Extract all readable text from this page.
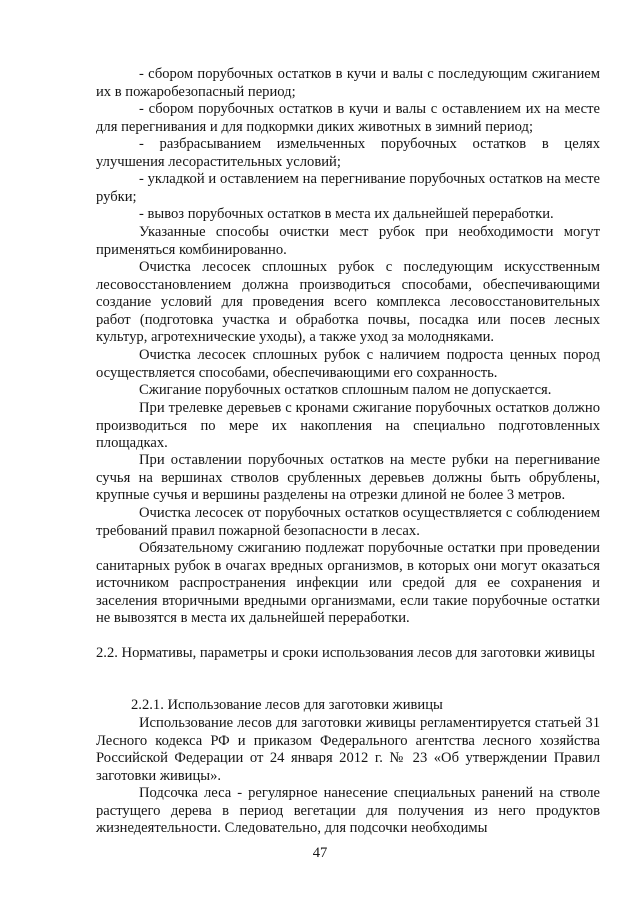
- сбором порубочных остатков в кучи и валы с последующим сжиганием их в пожаробезопасный период;

- сбором порубочных остатков в кучи и валы с оставлением их на месте для перегнивания и для подкормки диких животных в зимний период;

- разбрасыванием измельченных порубочных остатков в целях улучшения лесорастительных условий;

- укладкой и оставлением на перегнивание порубочных остатков на месте рубки;

- вывоз порубочных остатков в места их дальнейшей переработки.

Указанные способы очистки мест рубок при необходимости могут применяться комбинированно.

Очистка лесосек сплошных рубок с последующим искусственным лесовосстановлением должна производиться способами, обеспечивающими создание условий для проведения всего комплекса лесовосстановительных работ (подготовка участка и обработка почвы, посадка или посев лесных культур, агротехнические уходы), а также уход за молодняками.

Очистка лесосек сплошных рубок с наличием подроста ценных пород осуществляется способами, обеспечивающими его сохранность.

Сжигание порубочных остатков сплошным палом не допускается.

При трелевке деревьев с кронами сжигание порубочных остатков должно производиться по мере их накопления на специально подготовленных площадках.

При оставлении порубочных остатков на месте рубки на перегнивание сучья на вершинах стволов срубленных деревьев должны быть обрублены, крупные сучья и вершины разделены на отрезки длиной не более 3 метров.

Очистка лесосек от порубочных остатков осуществляется с соблюдением требований правил пожарной безопасности в лесах.

Обязательному сжиганию подлежат порубочные остатки при проведении санитарных рубок в очагах вредных организмов, в которых они могут оказаться источником распространения инфекции или средой для ее сохранения и заселения вторичными вредными организмами, если такие порубочные остатки не вывозятся в места их дальнейшей переработки.

2.2. Нормативы, параметры и сроки использования лесов для заготовки живицы

2.2.1. Использование лесов для заготовки живицы

Использование лесов для заготовки живицы регламентируется статьей 31 Лесного кодекса РФ и приказом Федерального агентства лесного хозяйства Российской Федерации от 24 января 2012 г. № 23 «Об утверждении Правил заготовки живицы».

Подсочка леса - регулярное нанесение специальных ранений на стволе растущего дерева в период вегетации для получения из него продуктов жизнедеятельности. Следовательно, для подсочки необходимы

47
